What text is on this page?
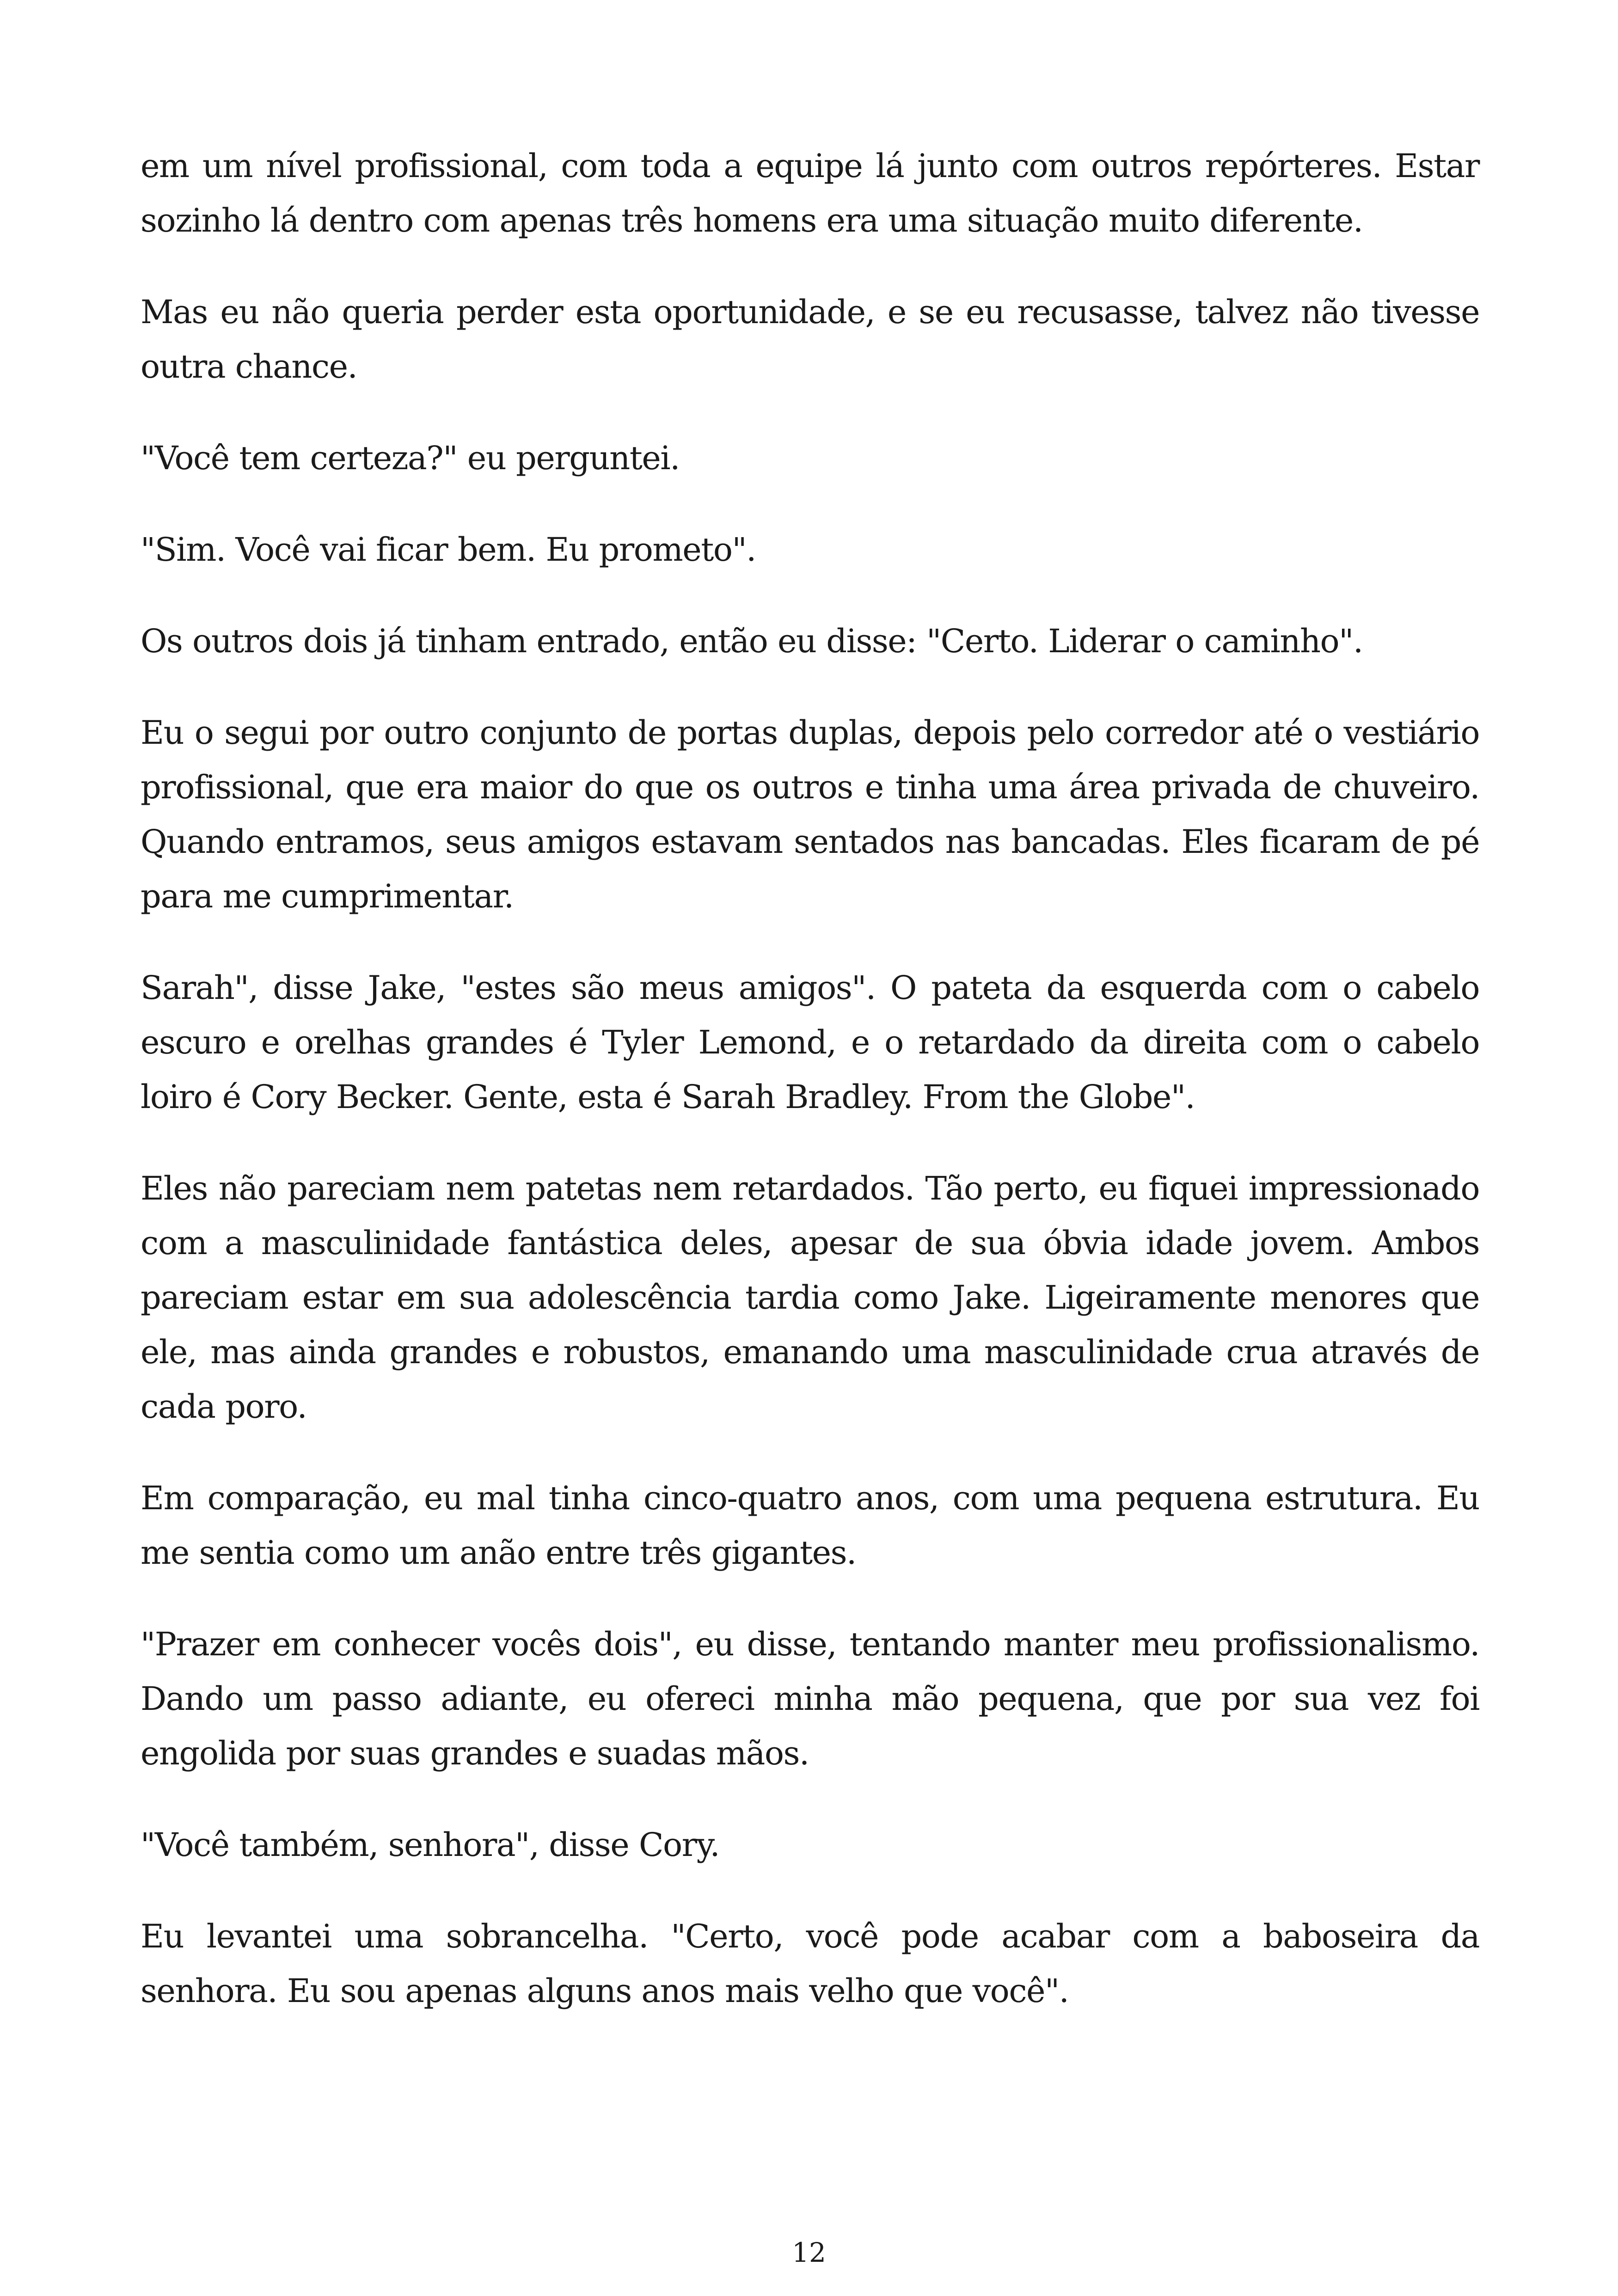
em um nível profissional, com toda a equipe lá junto com outros repórteres. Estar sozinho lá dentro com apenas três homens era uma situação muito diferente.

Mas eu não queria perder esta oportunidade, e se eu recusasse, talvez não tivesse outra chance.

"Você tem certeza?" eu perguntei.

"Sim. Você vai ficar bem. Eu prometo".

Os outros dois já tinham entrado, então eu disse: "Certo. Liderar o caminho".

Eu o segui por outro conjunto de portas duplas, depois pelo corredor até o vestiário profissional, que era maior do que os outros e tinha uma área privada de chuveiro. Quando entramos, seus amigos estavam sentados nas bancadas. Eles ficaram de pé para me cumprimentar.

Sarah", disse Jake, "estes são meus amigos". O pateta da esquerda com o cabelo escuro e orelhas grandes é Tyler Lemond, e o retardado da direita com o cabelo loiro é Cory Becker. Gente, esta é Sarah Bradley. From the Globe".

Eles não pareciam nem patetas nem retardados. Tão perto, eu fiquei impressionado com a masculinidade fantástica deles, apesar de sua óbvia idade jovem. Ambos pareciam estar em sua adolescência tardia como Jake. Ligeiramente menores que ele, mas ainda grandes e robustos, emanando uma masculinidade crua através de cada poro.

Em comparação, eu mal tinha cinco-quatro anos, com uma pequena estrutura. Eu me sentia como um anão entre três gigantes.

"Prazer em conhecer vocês dois", eu disse, tentando manter meu profissionalismo. Dando um passo adiante, eu ofereci minha mão pequena, que por sua vez foi engolida por suas grandes e suadas mãos.

"Você também, senhora", disse Cory.

Eu levantei uma sobrancelha. "Certo, você pode acabar com a baboseira da senhora. Eu sou apenas alguns anos mais velho que você".

12
